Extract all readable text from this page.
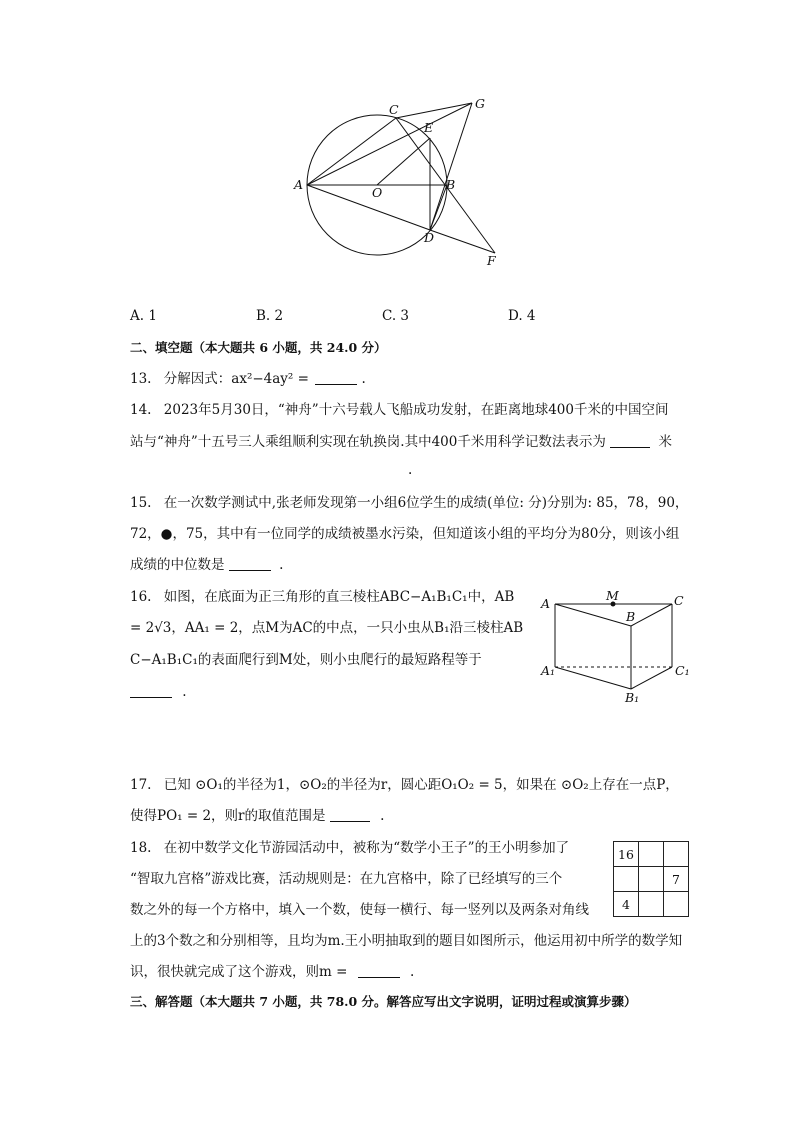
C	G
E
A
O
B
D
F
A. 1	B. 2	C. 3	D. 4
二、填空题（本大题共 6 小题，共 24.0 分）
13. 分解因式：ax²−4ay² =	.
14. 2023年5月30日，“神舟”十六号载人飞船成功发射，在距离地球400千米的中国空间
站与“神舟”十五号三人乘组顺利实现在轨换岗.其中400千米用科学记数法表示为	米
.
15. 在一次数学测试中,张老师发现第一小组6位学生的成绩(单位: 分)分别为: 85，78，90，
72，●，75，其中有一位同学的成绩被墨水污染，但知道该小组的平均分为80分，则该小组
成绩的中位数是	.
16. 如图，在底面为正三角形的直三棱柱ABC−A₁B₁C₁中，AB
= 2√3，AA₁ = 2，点M为AC的中点，一只小虫从B₁沿三棱柱AB
C−A₁B₁C₁的表面爬行到M处，则小虫爬行的最短路程等于
.
A
M	C
B
A₁	C₁
B₁
17. 已知 ⊙O₁的半径为1，⊙O₂的半径为r，圆心距O₁O₂ = 5，如果在 ⊙O₂上存在一点P，
使得PO₁ = 2，则r的取值范围是	.
18. 在初中数学文化节游园活动中，被称为“数学小王子”的王小明参加了
“智取九宫格”游戏比赛，活动规则是：在九宫格中，除了已经填写的三个
数之外的每一个方格中，填入一个数，使每一横行、每一竖列以及两条对角线
上的3个数之和分别相等，且均为m.王小明抽取到的题目如图所示，他运用初中所学的数学知
识，很快就完成了这个游戏，则m =	.
16		
		7
4		
三、解答题（本大题共 7 小题，共 78.0 分。解答应写出文字说明，证明过程或演算步骤）
